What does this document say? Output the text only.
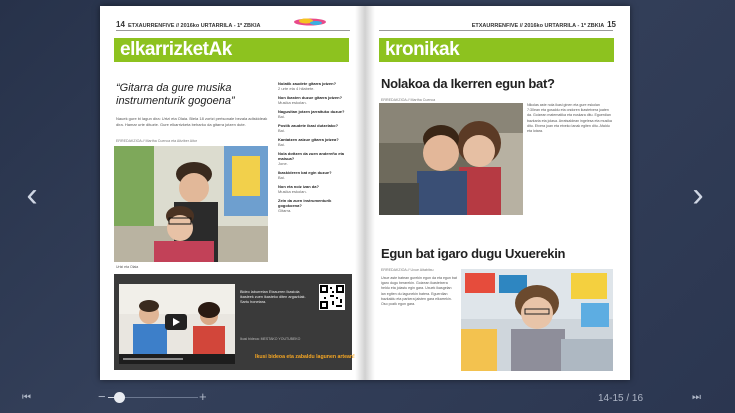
‹	›
14 ETXAURRENFIVE // 2016ko URTARRILA - 1º ZBKIA
elkarrizketAk
“Gitarra da gure musika instrumenturik gogoena”
Nauek gure bi lagun dira: Urtzi eta Olaia. Biela 18 zortzi pertsonale bezala adiskideak dira. Hamar urte dituzte. Gure elkarrizketa beharko da gitarra jotzen dute.
ERREDAKZIOA // Martha Cuenca eta Aitziber Aitor
Urtzi eta Olaia
Nolatik zaudete gitarra jotzen?
2 urte eta 4 hilabete.
Non ikasten duzue gitarra jotzen?
Musika eskolan.
Nagusitan jotzen jarraituko duzue?
Bai.
Postik zaudete ikasi dutzelako?
Bai.
Kantatzen zaizue gitarra jotzea?
Bai.
Nola dottzen da zuen andereño eta maisua?
Jone.
Ikaskideren bat egin duzue?
Bai.
Non eta noiz izan da?
Musika eskolan.
Zein da zuen instrumenturik gogokoena?
Gitarra.
Bideo laburretan Etxaurren Ikastola ikasleek zuen ikasteko diten argazkiak. Sartu honetara.
Ikusi bideoa: MESTAKO YOUTUBEKO
Ikusi bideoa eta zabaldu lagunen artean!
ETXAURRENFIVE // 2016ko URTARRILA - 1º ZBKIA 15
kronikak
Nolakoa da Ikerren egun bat?
ERREDAKZIOA // Martha Cuenca
Nikolas aste nola ikasi ginen eta gure eskolan 7:30ean eta gosaldu eta ondoren ikastetxera joaten da. Goizean matematika eta euskara ditu. Eguerdian bazkaria eta jolasa. Arratsaldean ingelesa eta musika ditu. Etxera joan eta etxeko lanak egiten ditu. Afaldu eta lotara.
Egun bat igaro dugu Uxuerekin
ERREDAKZIOA // Uxue Aitabitxu
Uxue aste batean gurekin egon da eta egun bat igaro dugu berarekin. Goizean ikastetxera heldu eta jolastu egin gara. Uxuek ikasgelan lan egiten du lagunekin batera. Eguerdian bazkaldu eta parkera jaisten gara elkarrekin. Oso pozik egon gara.
⏮	−	+	14-15 / 16	⏭
